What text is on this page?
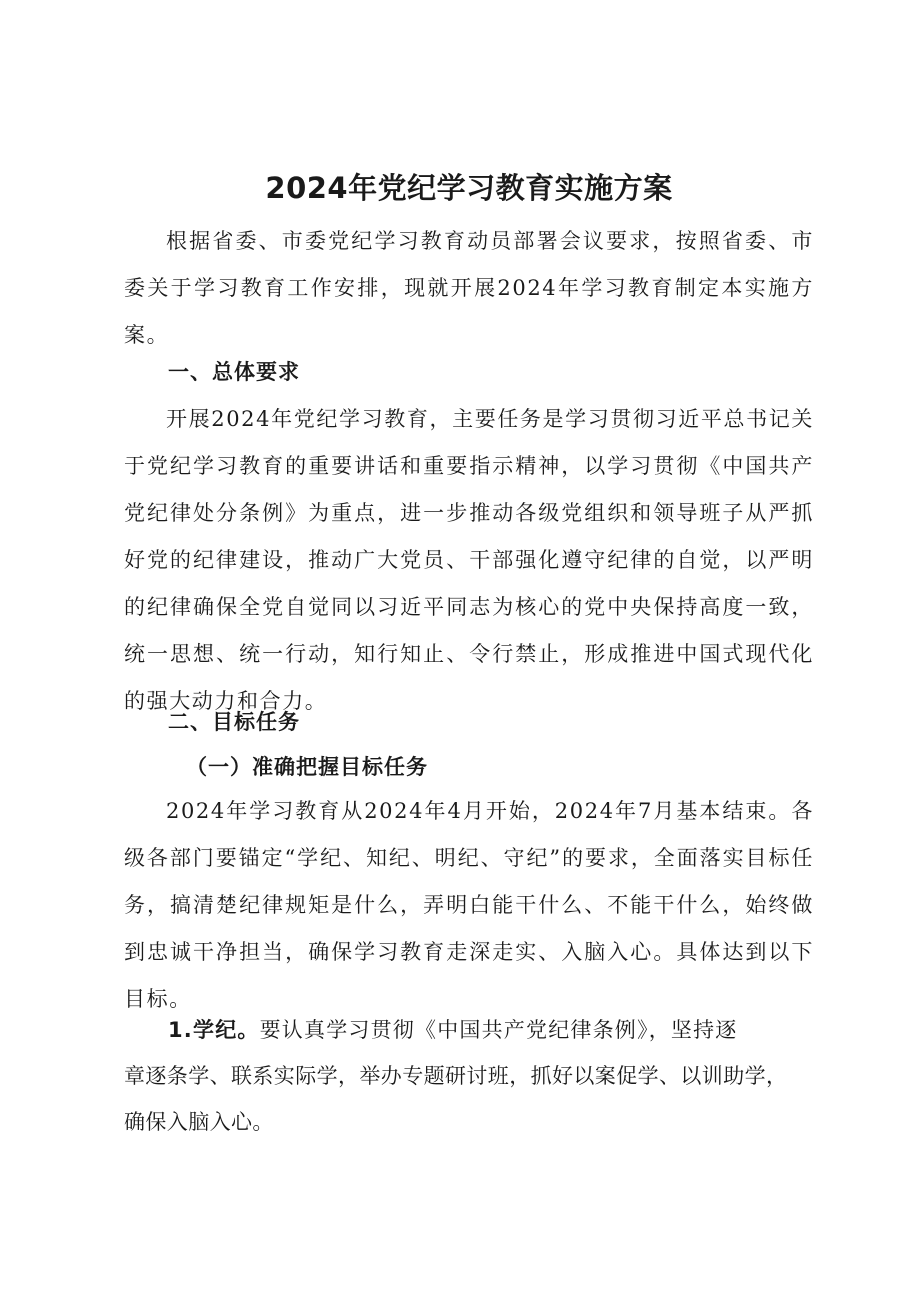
2024年党纪学习教育实施方案

根据省委、市委党纪学习教育动员部署会议要求，按照省委、市委关于学习教育工作安排，现就开展2024年学习教育制定本实施方案。

一、总体要求

开展2024年党纪学习教育，主要任务是学习贯彻习近平总书记关于党纪学习教育的重要讲话和重要指示精神，以学习贯彻《中国共产党纪律处分条例》为重点，进一步推动各级党组织和领导班子从严抓好党的纪律建设，推动广大党员、干部强化遵守纪律的自觉，以严明的纪律确保全党自觉同以习近平同志为核心的党中央保持高度一致，统一思想、统一行动，知行知止、令行禁止，形成推进中国式现代化的强大动力和合力。

二、目标任务
（一）准确把握目标任务

2024年学习教育从2024年4月开始，2024年7月基本结束。各级各部门要锚定“学纪、知纪、明纪、守纪”的要求，全面落实目标任务，搞清楚纪律规矩是什么，弄明白能干什么、不能干什么，始终做到忠诚干净担当，确保学习教育走深走实、入脑入心。具体达到以下目标。

1.学纪。要认真学习贯彻《中国共产党纪律条例》，坚持逐
章逐条学、联系实际学，举办专题研讨班，抓好以案促学、以训助学，
确保入脑入心。
